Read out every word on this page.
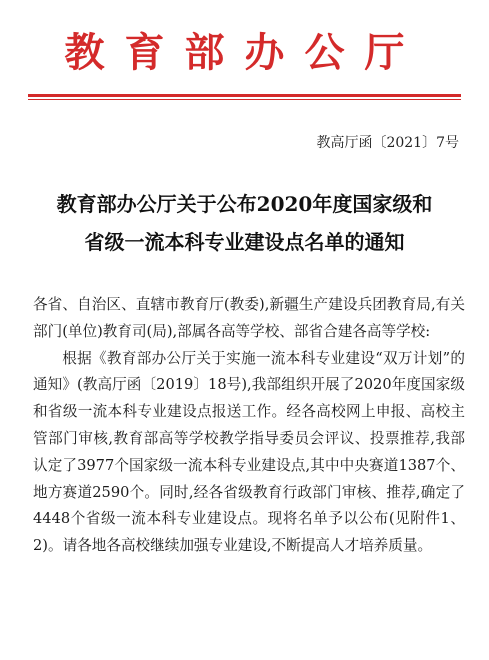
教育部办公厅
教高厅函〔2021〕7号
教育部办公厅关于公布2020年度国家级和
省级一流本科专业建设点名单的通知

各省、自治区、直辖市教育厅(教委),新疆生产建设兵团教育局,有关部门(单位)教育司(局),部属各高等学校、部省合建各高等学校:

根据《教育部办公厅关于实施一流本科专业建设“双万计划”的通知》(教高厅函〔2019〕18号),我部组织开展了2020年度国家级和省级一流本科专业建设点报送工作。经各高校网上申报、高校主管部门审核,教育部高等学校教学指导委员会评议、投票推荐,我部认定了3977个国家级一流本科专业建设点,其中中央赛道1387个、地方赛道2590个。同时,经各省级教育行政部门审核、推荐,确定了4448个省级一流本科专业建设点。现将名单予以公布(见附件1、2)。请各地各高校继续加强专业建设,不断提高人才培养质量。
